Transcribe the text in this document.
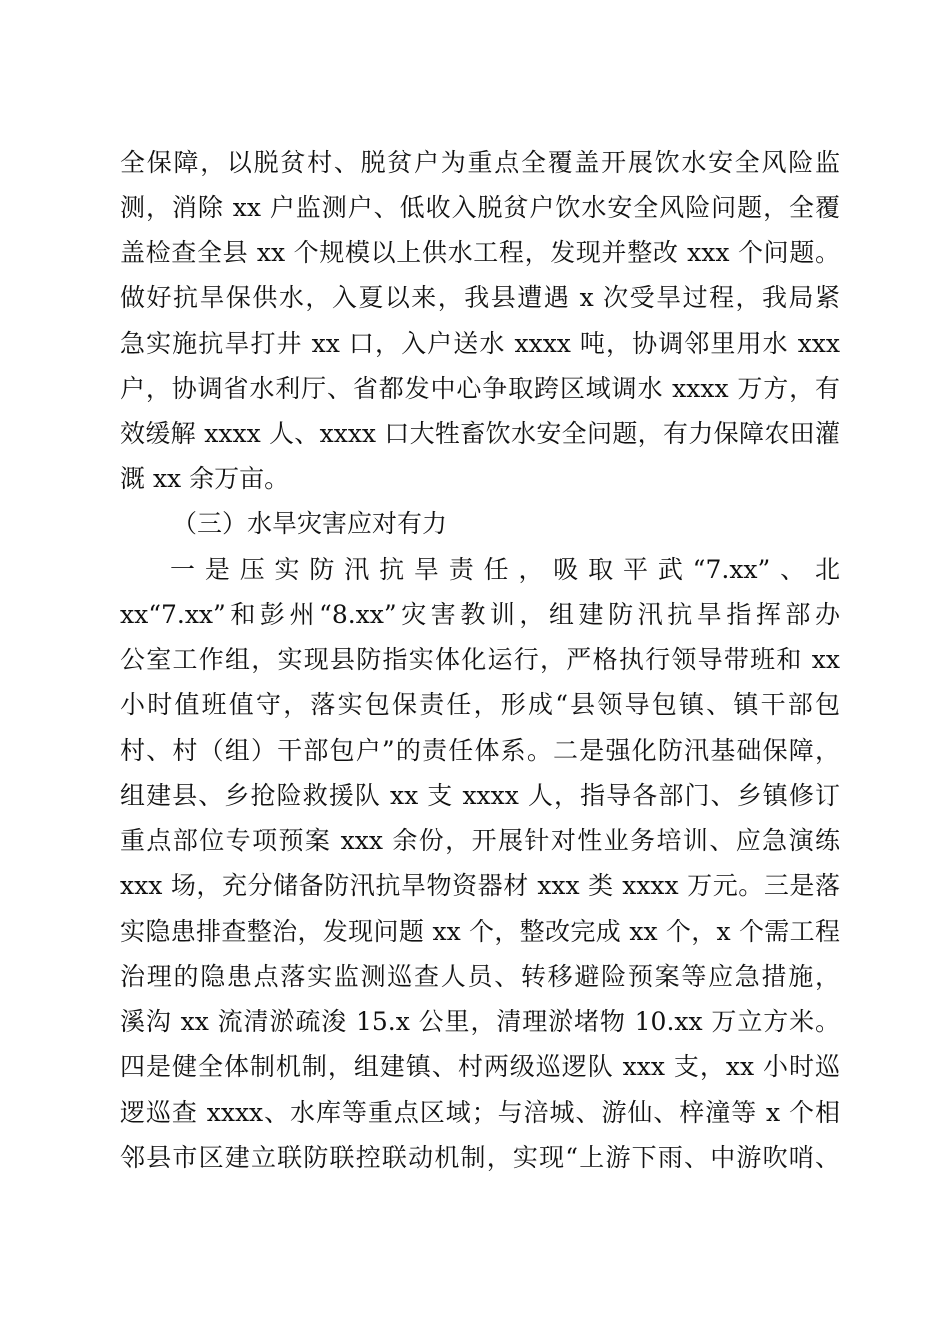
全保障，以脱贫村、脱贫户为重点全覆盖开展饮水安全风险监
测，消除 xx 户监测户、低收入脱贫户饮水安全风险问题，全覆
盖检查全县 xx 个规模以上供水工程，发现并整改 xxx 个问题。
做好抗旱保供水，入夏以来，我县遭遇 x 次受旱过程，我局紧
急实施抗旱打井 xx 口，入户送水 xxxx 吨，协调邻里用水 xxx
户，协调省水利厅、省都发中心争取跨区域调水 xxxx 万方，有
效缓解 xxxx 人、xxxx 口大牲畜饮水安全问题，有力保障农田灌
溉 xx 余万亩。
（三）水旱灾害应对有力
一是压实防汛抗旱责任，吸取平武“7.xx”、北
xx“7.xx”和彭州“8.xx”灾害教训，组建防汛抗旱指挥部办
公室工作组，实现县防指实体化运行，严格执行领导带班和 xx
小时值班值守，落实包保责任，形成“县领导包镇、镇干部包
村、村（组）干部包户”的责任体系。二是强化防汛基础保障，
组建县、乡抢险救援队 xx 支 xxxx 人，指导各部门、乡镇修订
重点部位专项预案 xxx 余份，开展针对性业务培训、应急演练
xxx 场，充分储备防汛抗旱物资器材 xxx 类 xxxx 万元。三是落
实隐患排查整治，发现问题 xx 个，整改完成 xx 个，x 个需工程
治理的隐患点落实监测巡查人员、转移避险预案等应急措施，
溪沟 xx 流清淤疏浚 15.x 公里，清理淤堵物 10.xx 万立方米。
四是健全体制机制，组建镇、村两级巡逻队 xxx 支，xx 小时巡
逻巡查 xxxx、水库等重点区域；与涪城、游仙、梓潼等 x 个相
邻县市区建立联防联控联动机制，实现“上游下雨、中游吹哨、
